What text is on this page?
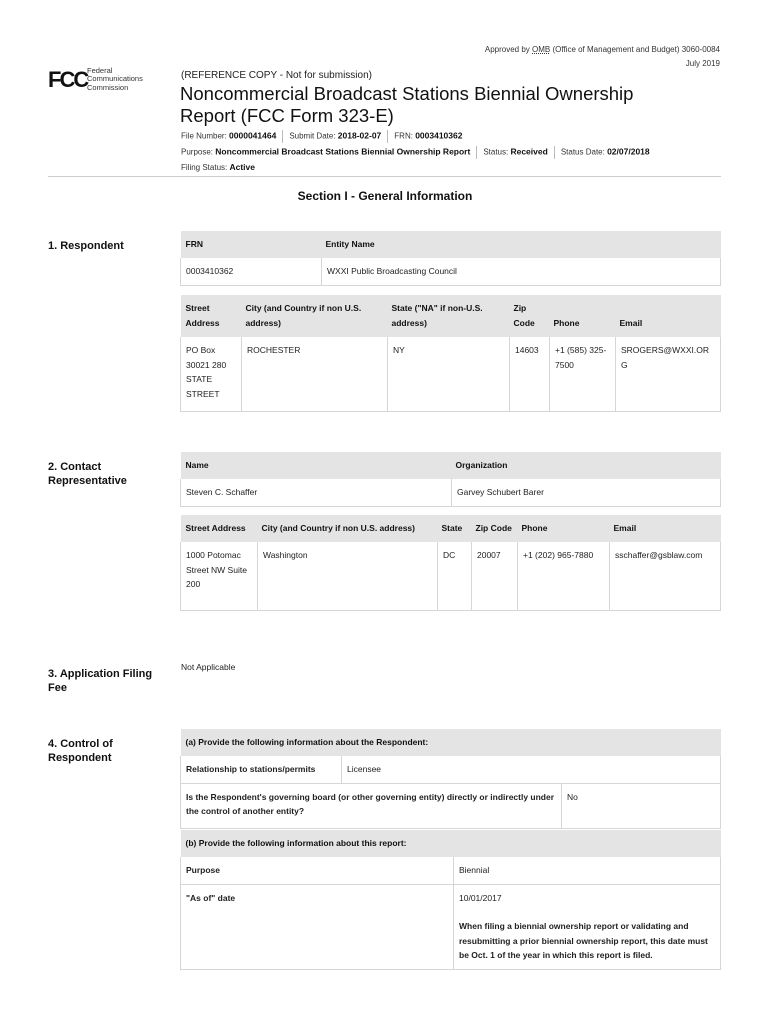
Approved by OMB (Office of Management and Budget) 3060-0084
July 2019
FCC Federal
Communications
Commission
(REFERENCE COPY - Not for submission)
Noncommercial Broadcast Stations Biennial Ownership Report (FCC Form 323-E)
File Number: 0000041464 Submit Date: 2018-02-07 FRN: 0003410362
Purpose: Noncommercial Broadcast Stations Biennial Ownership Report Status: Received Status Date: 02/07/2018
Filing Status: Active
Section I - General Information
1. Respondent	FRN	Entity Name
0003410362	WXXI Public Broadcasting Council
Street Address	City (and Country if non U.S. address)	State ("NA" if non-U.S. address)	Zip Code	Phone	Email
PO Box 30021 280 STATE STREET	ROCHESTER	NY	14603	+1 (585) 325-7500	SROGERS@WXXI.ORG
2. Contact Representative
Name	Organization
Steven C. Schaffer	Garvey Schubert Barer
Street Address	City (and Country if non U.S. address)	State	Zip Code	Phone	Email
1000 Potomac Street NW Suite 200	Washington	DC	20007	+1 (202) 965-7880	sschaffer@gsblaw.com
3. Application Filing Fee
Not Applicable
4. Control of Respondent
(a) Provide the following information about the Respondent:		
Relationship to stations/permits	Licensee	
Is the Respondent's governing board (or other governing entity) directly or indirectly under the control of another entity?		No
(b) Provide the following information about this report:	
Purpose	Biennial
"As of" date	10/01/2017
When filing a biennial ownership report or validating and resubmitting a prior biennial ownership report, this date must be Oct. 1 of the year in which this report is filed.
